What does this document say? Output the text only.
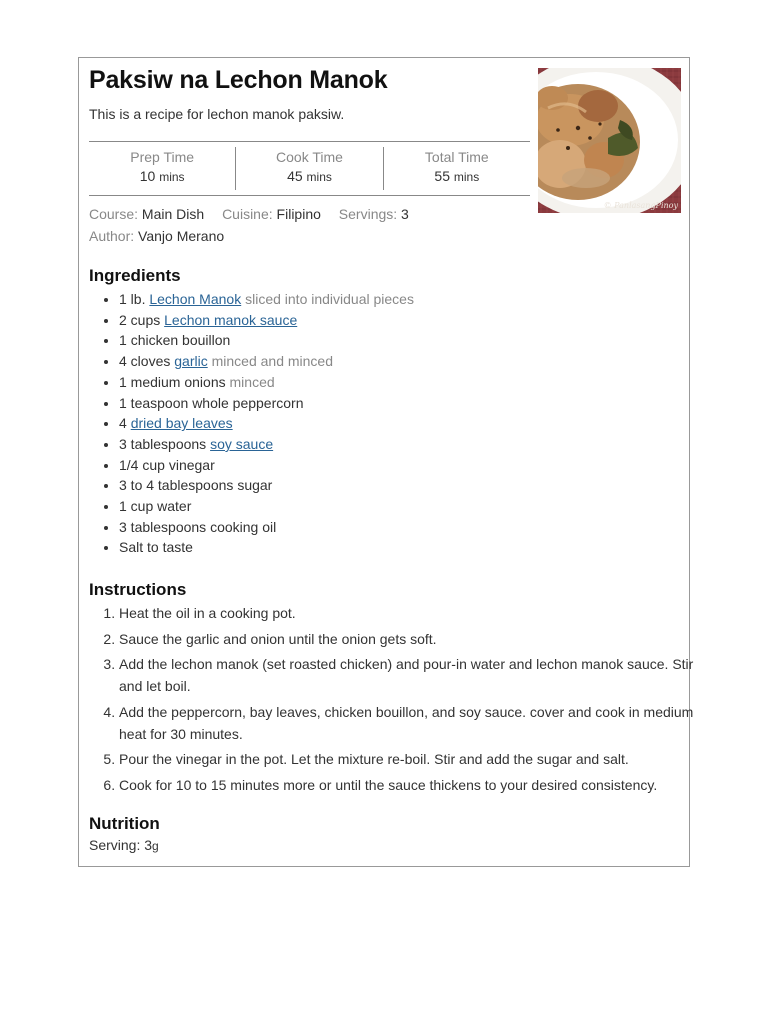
Paksiw na Lechon Manok
This is a recipe for lechon manok paksiw.
© PanlasangPinoy
Prep Time
10 mins
Cook Time
45 mins
Total Time
55 mins
Course: Main Dish Cuisine: Filipino Servings: 3
Author: Vanjo Merano
Ingredients
• 1 lb. Lechon Manok sliced into individual pieces
• 2 cups Lechon manok sauce
• 1 chicken bouillon
• 4 cloves garlic minced and minced
• 1 medium onions minced
• 1 teaspoon whole peppercorn
• 4 dried bay leaves
• 3 tablespoons soy sauce
• 1/4 cup vinegar
• 3 to 4 tablespoons sugar
• 1 cup water
• 3 tablespoons cooking oil
• Salt to taste
Instructions
1. Heat the oil in a cooking pot.
2. Sauce the garlic and onion until the onion gets soft.
3. Add the lechon manok (set roasted chicken) and pour-in water and lechon manok sauce. Stir and let boil.
4. Add the peppercorn, bay leaves, chicken bouillon, and soy sauce. cover and cook in medium heat for 30 minutes.
5. Pour the vinegar in the pot. Let the mixture re-boil. Stir and add the sugar and salt.
6. Cook for 10 to 15 minutes more or until the sauce thickens to your desired consistency.
Nutrition
Serving: 3g
